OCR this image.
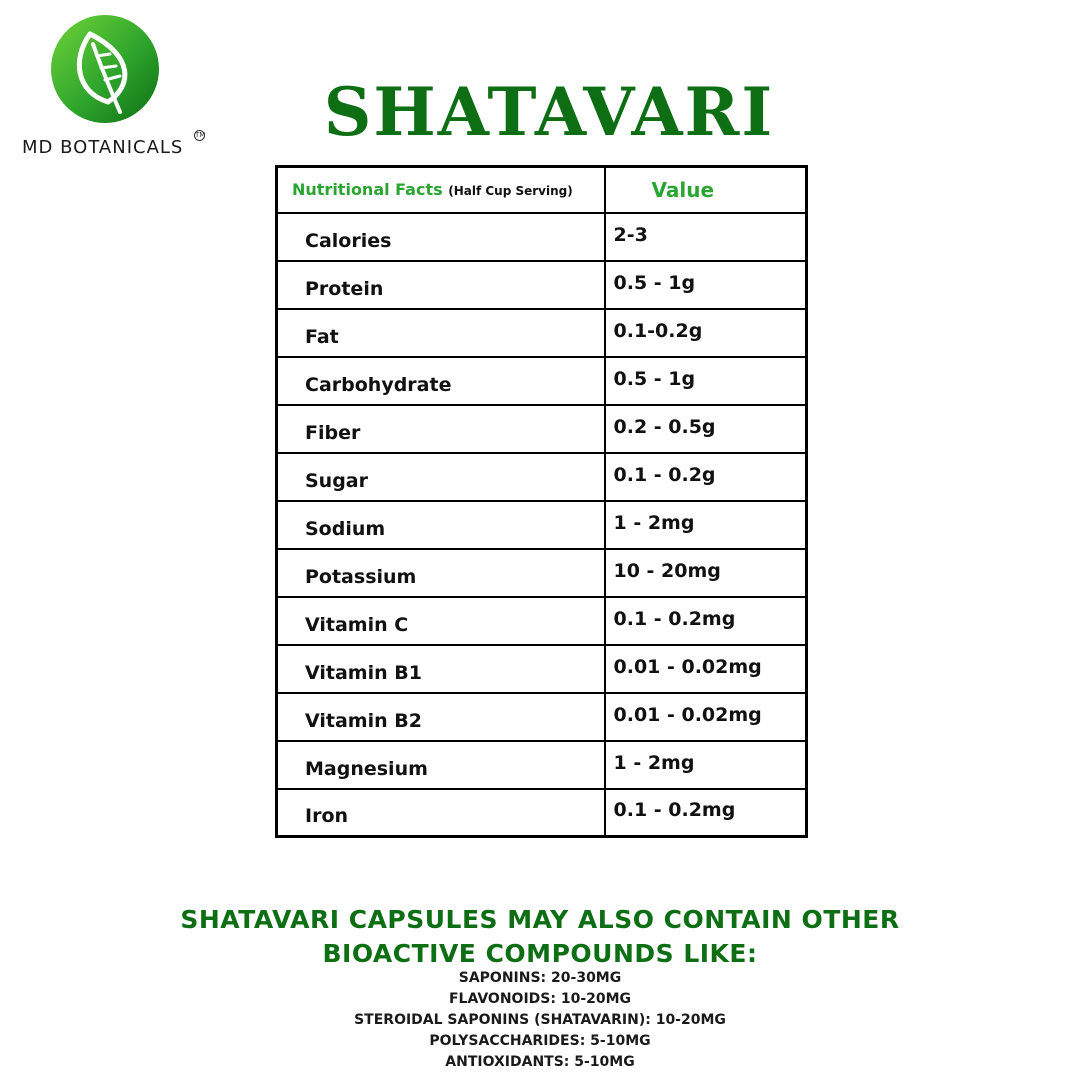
MD BOTANICALS
TM	SHATAVARI
Nutritional Facts (Half Cup Serving)	Value
Calories	2-3
Protein	0.5 - 1g
Fat	0.1-0.2g
Carbohydrate	0.5 - 1g
Fiber	0.2 - 0.5g
Sugar	0.1 - 0.2g
Sodium	1 - 2mg
Potassium	10 - 20mg
Vitamin C	0.1 - 0.2mg
Vitamin B1	0.01 - 0.02mg
Vitamin B2	0.01 - 0.02mg
Magnesium	1 - 2mg
Iron	0.1 - 0.2mg
SHATAVARI CAPSULES MAY ALSO CONTAIN OTHER
BIOACTIVE COMPOUNDS LIKE:
SAPONINS: 20-30MG
FLAVONOIDS: 10-20MG
STEROIDAL SAPONINS (SHATAVARIN): 10-20MG
POLYSACCHARIDES: 5-10MG
ANTIOXIDANTS: 5-10MG
